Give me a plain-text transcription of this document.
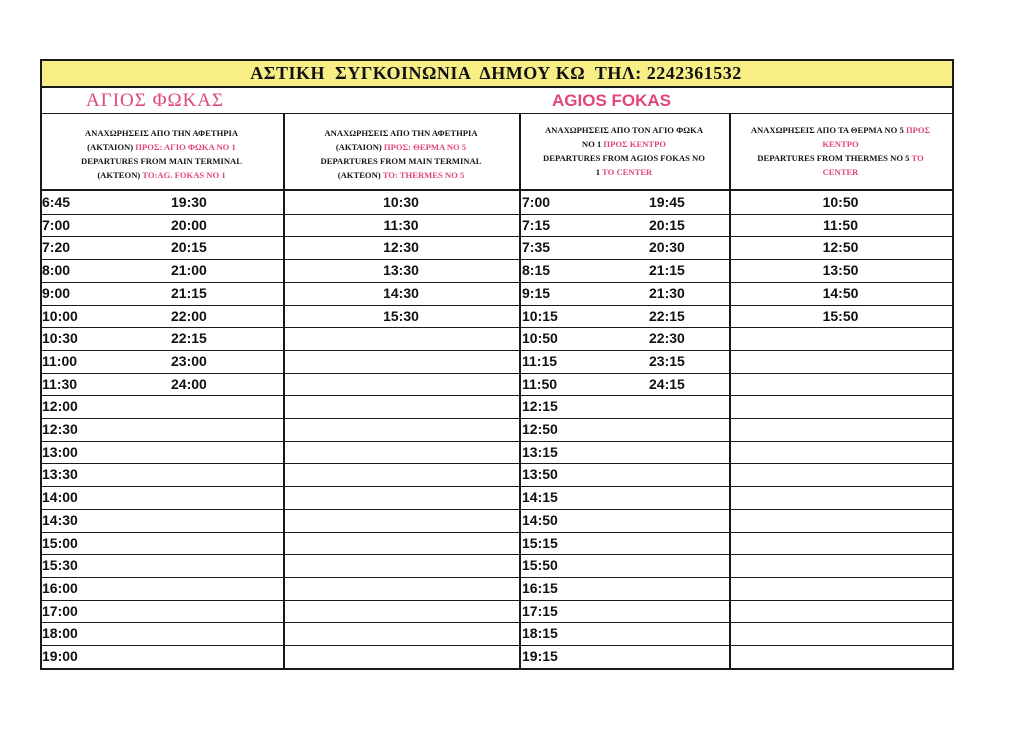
ΑΣΤΙΚΗ  ΣΥΓΚΟΙΝΩΝΙΑ  ΔΗΜΟΥ ΚΩ  ΤΗΛ: 2242361532
ΑΓΙΟΣ ΦΩΚΑΣ	AGIOS FOKAS
ΑΝΑΧΩΡΗΣΕΙΣ ΑΠΟ ΤΗΝ ΑΦΕΤΗΡΙΑ
(ΑΚΤΑΙΟΝ) ΠΡΟΣ: ΑΓΙΟ ΦΩΚΑ ΝΟ 1
DEPARTURES FROM MAIN TERMINAL
(AKTEON) TO:AG. FOKAS NO 1
ΑΝΑΧΩΡΗΣΕΙΣ ΑΠΟ ΤΗΝ ΑΦΕΤΗΡΙΑ
(ΑΚΤΑΙΟΝ) ΠΡΟΣ: ΘΕΡΜΑ ΝΟ 5
DEPARTURES FROM MAIN TERMINAL
(AKTEON) TO: THERMES NO 5
ΑΝΑΧΩΡΗΣΕΙΣ ΑΠΟ ΤΟΝ ΑΓΙΟ ΦΩΚΑ
ΝΟ 1 ΠΡΟΣ ΚΕΝΤΡΟ
DEPARTURES FROM AGIOS FOKAS NO
1 TO CENTER
ΑΝΑΧΩΡΗΣΕΙΣ ΑΠΟ ΤΑ ΘΕΡΜΑ ΝΟ 5 ΠΡΟΣ
ΚΕΝΤΡΟ
DEPARTURES FROM THERMES NO 5 TO
CENTER
6:45
7:00
7:20
8:00
9:00
10:00
10:30
11:00
11:30
12:00
12:30
13:00
13:30
14:00
14:30
15:00
15:30
16:00
17:00
18:00
19:00
19:30
20:00
20:15
21:00
21:15
22:00
22:15
23:00
24:00
10:30
11:30
12:30
13:30
14:30
15:30
7:00
7:15
7:35
8:15
9:15
10:15
10:50
11:15
11:50
12:15
12:50
13:15
13:50
14:15
14:50
15:15
15:50
16:15
17:15
18:15
19:15
19:45
20:15
20:30
21:15
21:30
22:15
22:30
23:15
24:15
10:50
11:50
12:50
13:50
14:50
15:50
